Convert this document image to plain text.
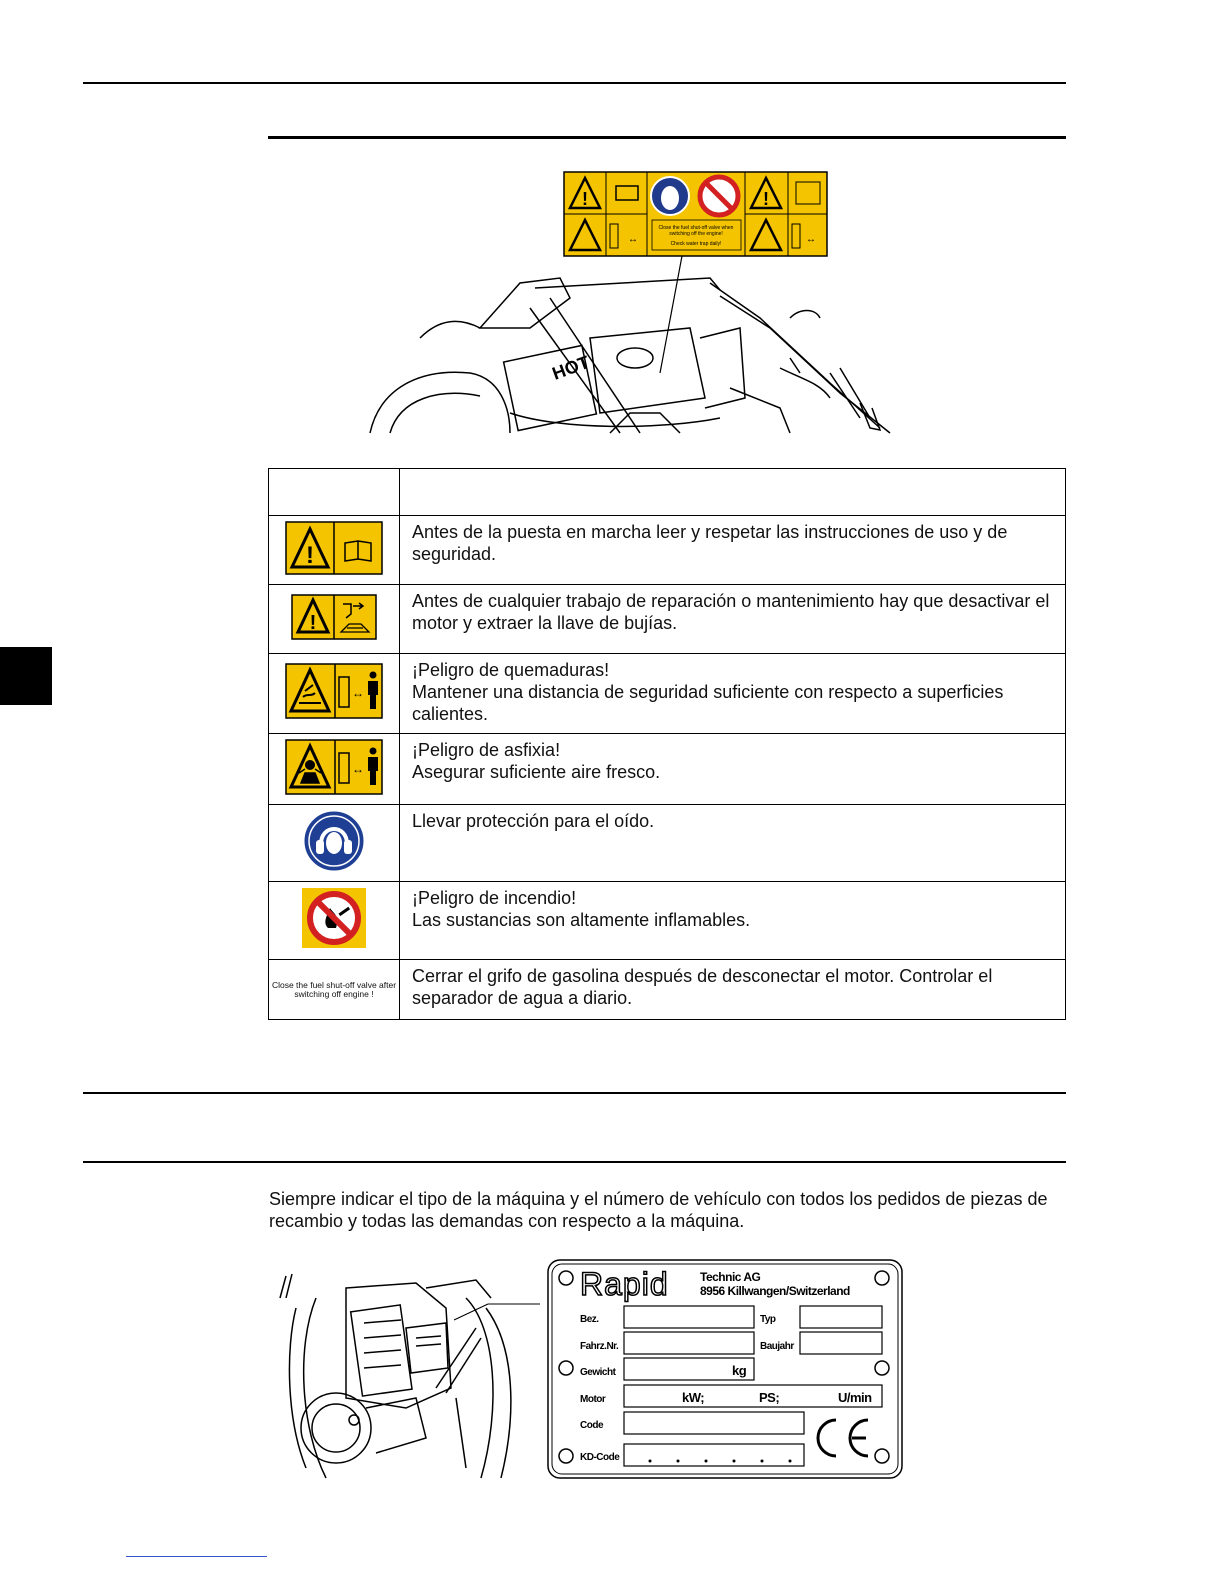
!
↔
Close the fuel shut-off valve when
switching off the engine!
Check water trap daily!
!
↔
HOT

!	Antes de la puesta en marcha leer y respetar las instrucciones de uso y de seguridad.

!	Antes de cualquier trabajo de reparación o mantenimiento hay que desactivar el motor y extraer la llave de bujías.

↔	¡Peligro de quemaduras!
Mantener una distancia de seguridad suficiente con respecto a superficies calientes.

↔	¡Peligro de asfixia!
Asegurar suficiente aire fresco.
	Llevar protección para el oído.
	¡Peligro de incendio!
Las sustancias son altamente inflamables.
Close the fuel shut-off valve after switching off engine !	Cerrar el grifo de gasolina después de desconectar el motor. Controlar el separador de agua a diario.
Siempre indicar el tipo de la máquina y el número de vehículo con todos los pedidos de piezas de recambio y todas las demandas con respecto a la máquina.
Rapid	Technic AG
8956 Killwangen/Switzerland
Bez.	Typ
Fahrz.Nr.	Baujahr
Gewicht	kg
Motor	kW;	PS;	U/min
Code
KD-Code
